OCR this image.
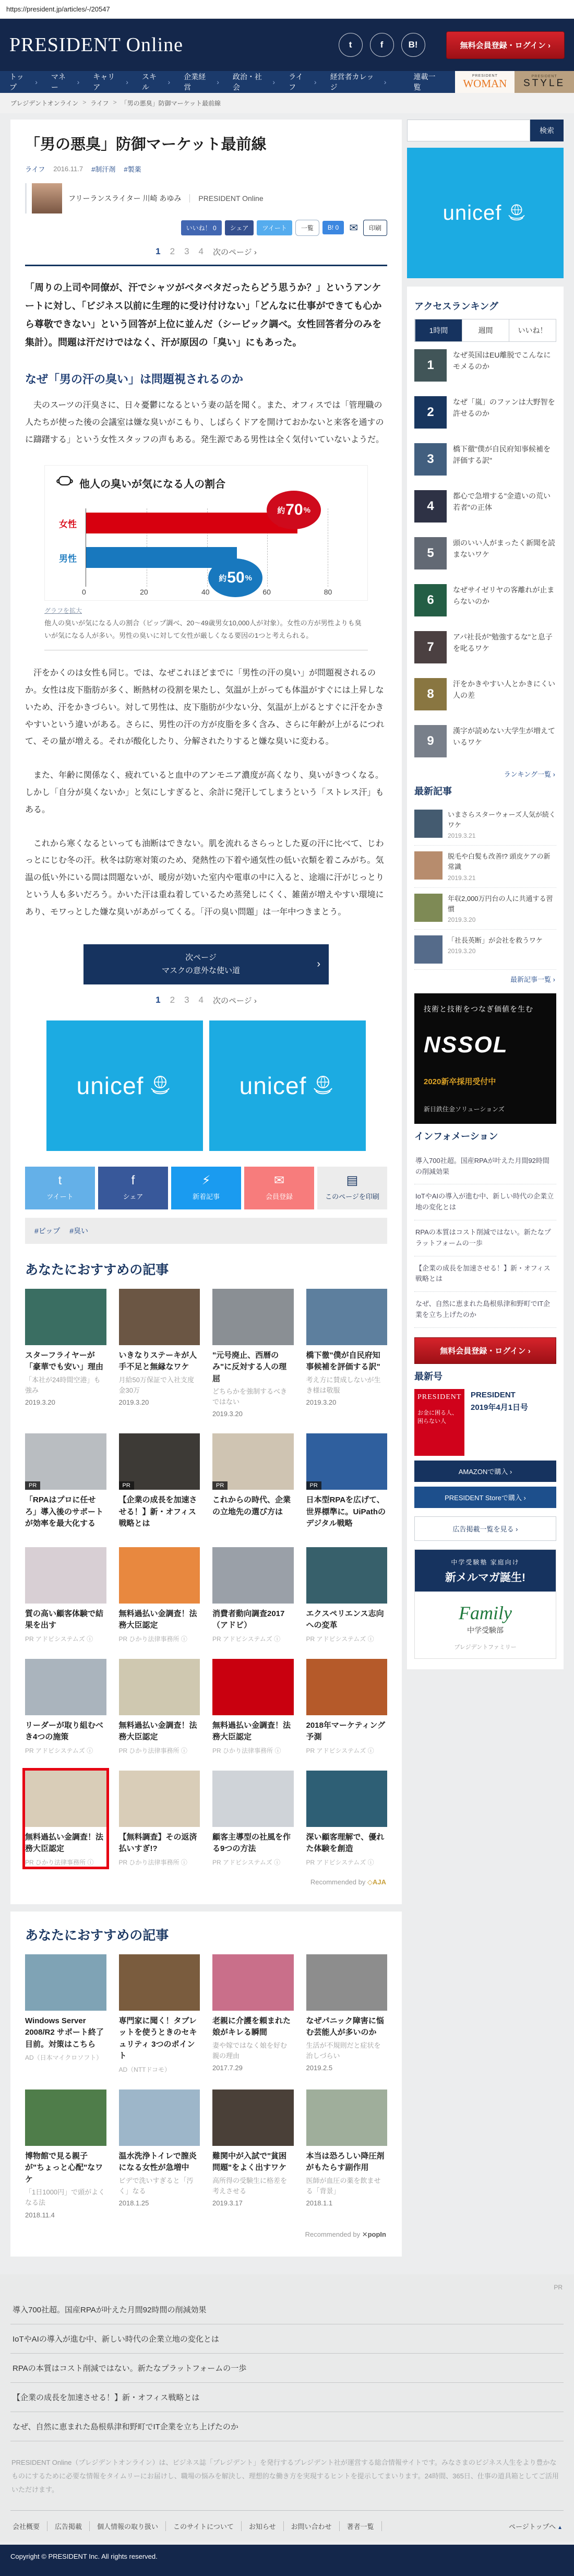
https://president.jp/articles/-/20547
PRESIDENT Online	t	f	B!	無料会員登録・ログイン ›
トップ ›
マネー ›
キャリア ›
スキル ›
企業経営 ›
政治・社会 ›
ライフ ›
経営者カレッジ ›
連載一覧
PRESIDENT
WOMAN
PRESIDENT
STYLE
プレジデントオンライン > ライフ > 「男の悪臭」防御マーケット最前線
「男の悪臭」防御マーケット最前線
ライフ 2016.11.7 #制汗剤 #製薬
フリーランスライター 川崎 あゆみ	PRESIDENT Online
いいね！ 0	シェア	ツイート	一覧	B! 0	✉	印刷
1 2 3 4 次のページ ›

「周りの上司や同僚が、汗でシャツがベタベタだったらどう思うか？」というアンケートに対し、「ビジネス以前に生理的に受け付けない」「どんなに仕事ができても心から尊敬できない」という回答が上位に並んだ（シービック調べ。女性回答者分のみを集計）。問題は汗だけではなく、汗が原因の「臭い」にもあった。

なぜ「男の汗の臭い」は問題視されるのか

夫のスーツの汗臭さに、日々憂鬱になるという妻の話を聞く。また、オフィスでは「管理職の人たちが使った後の会議室は嫌な臭いがこもり、しばらくドアを開けておかないと来客を通すのに躊躇する」という女性スタッフの声もある。発生源である男性は全く気付いていないようだ。

他人の臭いが気になる人の割合
女性
男性
0	20	40	60	80
約 70 %
約 50 %
グラフを拡大
他人の臭いが気になる人の割合（ピップ調べ、20～49歳男女10,000人が対象）。女性の方が男性よりも臭いが気になる人が多い。男性の臭いに対して女性が厳しくなる要因の1つと考えられる。

汗をかくのは女性も同じ。では、なぜこれほどまでに「男性の汗の臭い」が問題視されるのか。女性は皮下脂肪が多く、断熱材の役割を果たし、気温が上がっても体温がすぐには上昇しないため、汗をかきづらい。対して男性は、皮下脂肪が少ない分、気温が上がるとすぐに汗をかきやすいという違いがある。さらに、男性の汗の方が皮脂を多く含み、さらに年齢が上がるにつれて、その量が増える。それが酸化したり、分解されたりすると嫌な臭いに変わる。

また、年齢に関係なく、疲れていると血中のアンモニア濃度が高くなり、臭いがきつくなる。しかし「自分が臭くないか」と気にしすぎると、余計に発汗してしまうという「ストレス汗」もある。

これから寒くなるといっても油断はできない。肌を流れるさらっとした夏の汗に比べて、じわっとにじむ冬の汗。秋冬は防寒対策のため、発熱性の下着や通気性の低い衣類を着こみがち。気温の低い外にいる間は問題ないが、暖房が効いた室内や電車の中に入ると、途端に汗がじっとりという人も多いだろう。かいた汗は重ね着しているため蒸発しにくく、雑菌が増えやすい環境にあり、モワっとした嫌な臭いがあがってくる。「汗の臭い問題」は一年中つきまとう。

次ページ
マスクの意外な使い道
›
1 2 3 4 次のページ ›
unicef	unicef
t
ツイート
f
シェア
⚡
新着記事
✉
会員登録
▤
このページを印刷
#ピップ #臭い
あなたにおすすめの記事
スターフライヤーが「豪華でも安い」理由
「本社が24時間空港」も強み
2019.3.20
いきなりステーキが人手不足と無縁なワケ
月給50万保証で入社支度金30万
2019.3.20
"元号廃止、西暦のみ"に反対する人の理屈
どちらかを強制するべきではない
2019.3.20
橋下徹"僕が自民府知事候補を評価する訳"
考え方に賛成しないが生き様は敬服
2019.3.20
PR
「RPAはプロに任せろ」導入後のサポートが効率を最大化する
PR
【企業の成長を加速させる！】新・オフィス戦略とは
PR
これからの時代、企業の立地先の選び方は
PR
日本型RPAを広げて、世界標準に。UiPathのデジタル戦略
質の高い顧客体験で結果を出す
PR アドビシステムズ ⓘ
無料過払い金調査！法務大臣認定
PR ひかり法律事務所 ⓘ
消費者動向調査2017（アドビ）
PR アドビシステムズ ⓘ
エクスペリエンス志向への変革
PR アドビシステムズ ⓘ
リーダーが取り組むべき4つの施策
PR アドビシステムズ ⓘ
無料過払い金調査！法務大臣認定
PR ひかり法律事務所 ⓘ
無料過払い金調査！法務大臣認定
PR ひかり法律事務所 ⓘ
2018年マーケティング予測
PR アドビシステムズ ⓘ
無料過払い金調査！法務大臣認定
PR ひかり法律事務所 ⓘ
【無料調査】その返済払いすぎ!?
PR ひかり法律事務所 ⓘ
顧客主導型の社風を作る9つの方法
PR アドビシステムズ ⓘ
深い顧客理解で、優れた体験を創造
PR アドビシステムズ ⓘ
Recommended by ◇AJA
あなたにおすすめの記事
Windows Server 2008/R2 サポート終了目前。対策はこちら
AD（日本マイクロソフト）
専門家に聞く！タブレットを使うときのセキュリティ 3つのポイント
AD（NTTドコモ）
老親に介護を頼まれた娘がキレる瞬間
妻や嫁ではなく娘を好む親の理由
2017.7.29
なぜパニック障害に悩む芸能人が多いのか
生活が不規則だと症状を治しづらい
2019.2.5
博物館で見る親子が"ちょっと心配"なワケ
「1日1000円」で頭がよくなる法
2018.11.4
温水洗浄トイレで膣炎になる女性が急増中
ビデで洗いすぎると「汚く」なる
2018.1.25
難関中が入試で"貧困問題"をよく出すワケ
高所得の受験生に格差を考えさせる
2019.3.17
本当は恐ろしい降圧剤がもたらす副作用
医師が血圧の薬を飲ませる「背景」
2018.1.1
Recommended by ✕popIn
検索
unicef
アクセスランキング
1時間	週間	いいね！
1
なぜ英国はEU離脱でこんなにモメるのか
2
なぜ「嵐」のファンは大野智を許せるのか
3
橋下徹"僕が自民府知事候補を評価する訳"
4
都心で急増する"金遣いの荒い若者"の正体
5
頭のいい人がまったく新聞を読まないワケ
6
なぜサイゼリヤの客離れが止まらないのか
7
アパ社長が"勉強するな"と息子を叱るワケ
8
汗をかきやすい人とかきにくい人の差
9
漢字が読めない大学生が増えているワケ
ランキング一覧 ›
最新記事
いまさらスターウォーズ人気が続くワケ
2019.3.21
脱毛や白髪も改善!? 頭皮ケアの新常識
2019.3.21
年収2,000万円台の人に共通する習慣
2019.3.20
「社長英断」が会社を救うワケ
2019.3.20
最新記事一覧 ›
技術と技術をつなぎ価値を生む
NSSOL
2020新卒採用受付中
新日鉄住金ソリューションズ
インフォメーション
導入700社超。国産RPAが叶えた月間92時間の削減効果
IoTやAIの導入が進む中、新しい時代の企業立地の変化とは
RPAの本質はコスト削減ではない。新たなプラットフォームの一歩
【企業の成長を加速させる！】新・オフィス戦略とは
なぜ、自然に恵まれた島根県津和野町でIT企業を立ち上げたのか
無料会員登録・ログイン ›
最新号
PRESIDENT
お金に困る人、困らない人
PRESIDENT
2019年4月1日号
AMAZONで購入 ›
PRESIDENT Storeで購入 ›
広告掲載一覧を見る ›
中学受験塾 家庭向け
新メルマガ誕生!
Family
中学受験部
プレジデントファミリー
PR
導入700社超。国産RPAが叶えた月間92時間の削減効果
IoTやAIの導入が進む中、新しい時代の企業立地の変化とは
RPAの本質はコスト削減ではない。新たなプラットフォームの一歩
【企業の成長を加速させる！】新・オフィス戦略とは
なぜ、自然に恵まれた島根県津和野町でIT企業を立ち上げたのか
PRESIDENT Online（プレジデントオンライン）は、ビジネス誌「プレジデント」を発行するプレジデント社が運営する総合情報サイトです。みなさまのビジネス人生をより豊かなものにするために必要な情報をタイムリーにお届けし、職場の悩みを解決し、理想的な働き方を実現するヒントを提示してまいります。24時間、365日、仕事の道具箱としてご活用いただけます。
会社概要	広告掲載	個人情報の取り扱い	このサイトについて	お知らせ	お問い合わせ	著者一覧	ページトップへ ▲
Copyright © PRESIDENT Inc. All rights reserved.
